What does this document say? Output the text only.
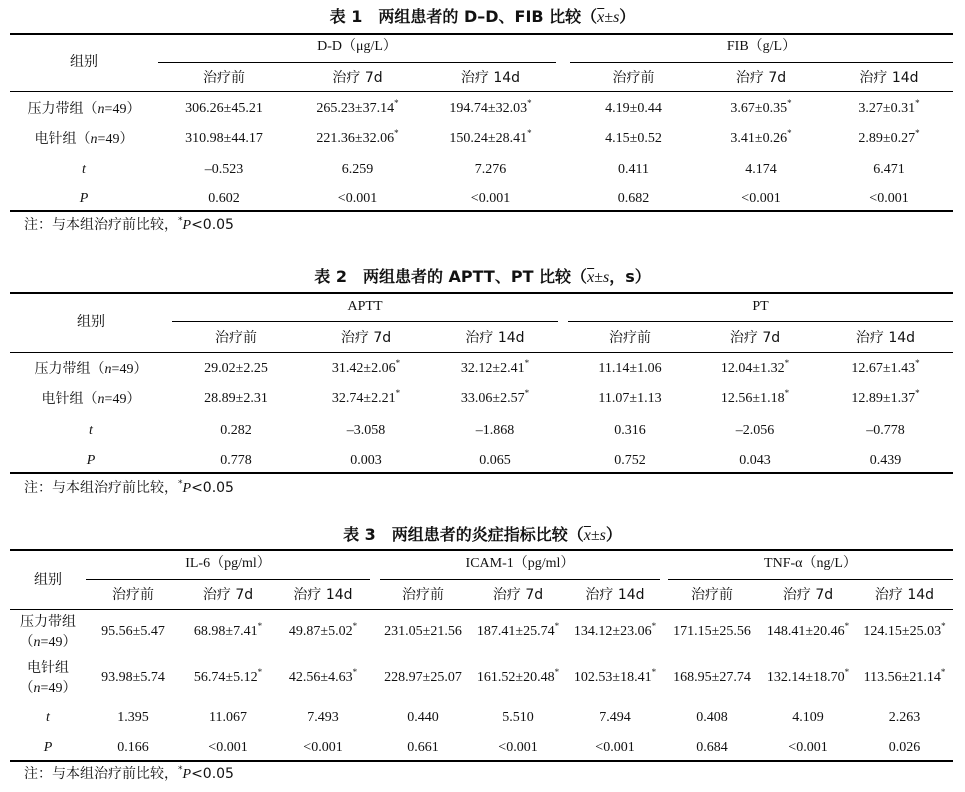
表 1　两组患者的 D–D、FIB 比较$(\overline{x}\pm s)$
组别
D-D（μg/L）	FIB（g/L）
治疗前	治疗 7d	治疗 14d	治疗前	治疗 7d	治疗 14d
压力带组（n=49）	306.26±45.21	265.23±37.14*	194.74±32.03*	4.19±0.44	3.67±0.35*	3.27±0.31*
电针组（n=49）	310.98±44.17	221.36±32.06*	150.24±28.41*	4.15±0.52	3.41±0.26*	2.89±0.27*
t	–0.523	6.259	7.276	0.411	4.174	6.471
P	0.602	<0.001	<0.001	0.682	<0.001	<0.001
注：与本组治疗前比较，*P<0.05
表 2　两组患者的 APTT、PT 比较（$\overline{x}\pm s$，s）
组别
APTT	PT
治疗前	治疗 7d	治疗 14d	治疗前	治疗 7d	治疗 14d
压力带组（n=49）	29.02±2.25	31.42±2.06*	32.12±2.41*	11.14±1.06	12.04±1.32*	12.67±1.43*
电针组（n=49）	28.89±2.31	32.74±2.21*	33.06±2.57*	11.07±1.13	12.56±1.18*	12.89±1.37*
t	0.282	–3.058	–1.868	0.316	–2.056	–0.778
P	0.778	0.003	0.065	0.752	0.043	0.439
注：与本组治疗前比较，*P<0.05
表 3　两组患者的炎症指标比较$(\overline{x}\pm s)$
组别
IL-6（pg/ml）	ICAM-1（pg/ml）	TNF-α（ng/L）
治疗前	治疗 7d	治疗 14d	治疗前	治疗 7d	治疗 14d	治疗前	治疗 7d	治疗 14d
压力带组
（n=49）
95.56±5.47	68.98±7.41*	49.87±5.02*	231.05±21.56	187.41±25.74*	134.12±23.06*	171.15±25.56	148.41±20.46*	124.15±25.03*
电针组
（n=49）
93.98±5.74	56.74±5.12*	42.56±4.63*	228.97±25.07	161.52±20.48*	102.53±18.41*	168.95±27.74	132.14±18.70*	113.56±21.14*
t	1.395	11.067	7.493	0.440	5.510	7.494	0.408	4.109	2.263
P	0.166	<0.001	<0.001	0.661	<0.001	<0.001	0.684	<0.001	0.026
注：与本组治疗前比较，*P<0.05
